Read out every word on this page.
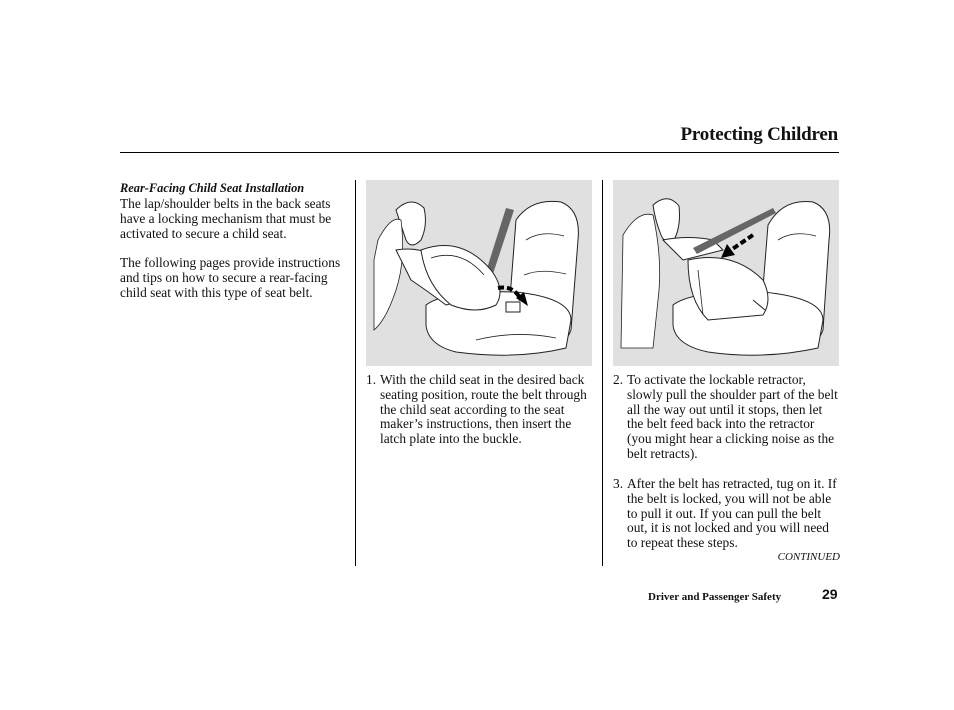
Protecting Children
Rear-Facing Child Seat Installation

The lap/shoulder belts in the back seats have a locking mechanism that must be activated to secure a child seat.

The following pages provide instructions and tips on how to secure a rear-facing child seat with this type of seat belt.

1. With the child seat in the desired back seating position, route the belt through the child seat according to the seat maker’s instructions, then insert the latch plate into the buckle.
2. To activate the lockable retractor, slowly pull the shoulder part of the belt all the way out until it stops, then let the belt feed back into the retractor (you might hear a clicking noise as the belt retracts).
3. After the belt has retracted, tug on it. If the belt is locked, you will not be able to pull it out. If you can pull the belt out, it is not locked and you will need to repeat these steps.
CONTINUED
Driver and Passenger Safety	29
